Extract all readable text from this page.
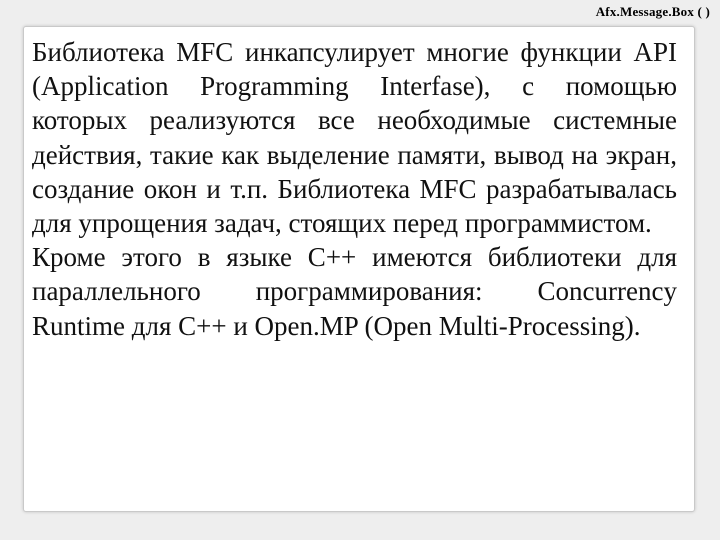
Afx.Message.Box ( )

Библиотека MFC инкапсулирует многие функции API (Application Programming Interfase), с помощью которых реализуются все необходимые системные действия, такие как выделение памяти, вывод на экран, создание окон и т.п. Библиотека MFC разрабатывалась для упрощения задач, стоящих перед программистом.

Кроме этого в языке С++ имеются библиотеки для параллельного программирования: Concurrency Runtime для С++ и Open.MP (Open Multi-Processing).
